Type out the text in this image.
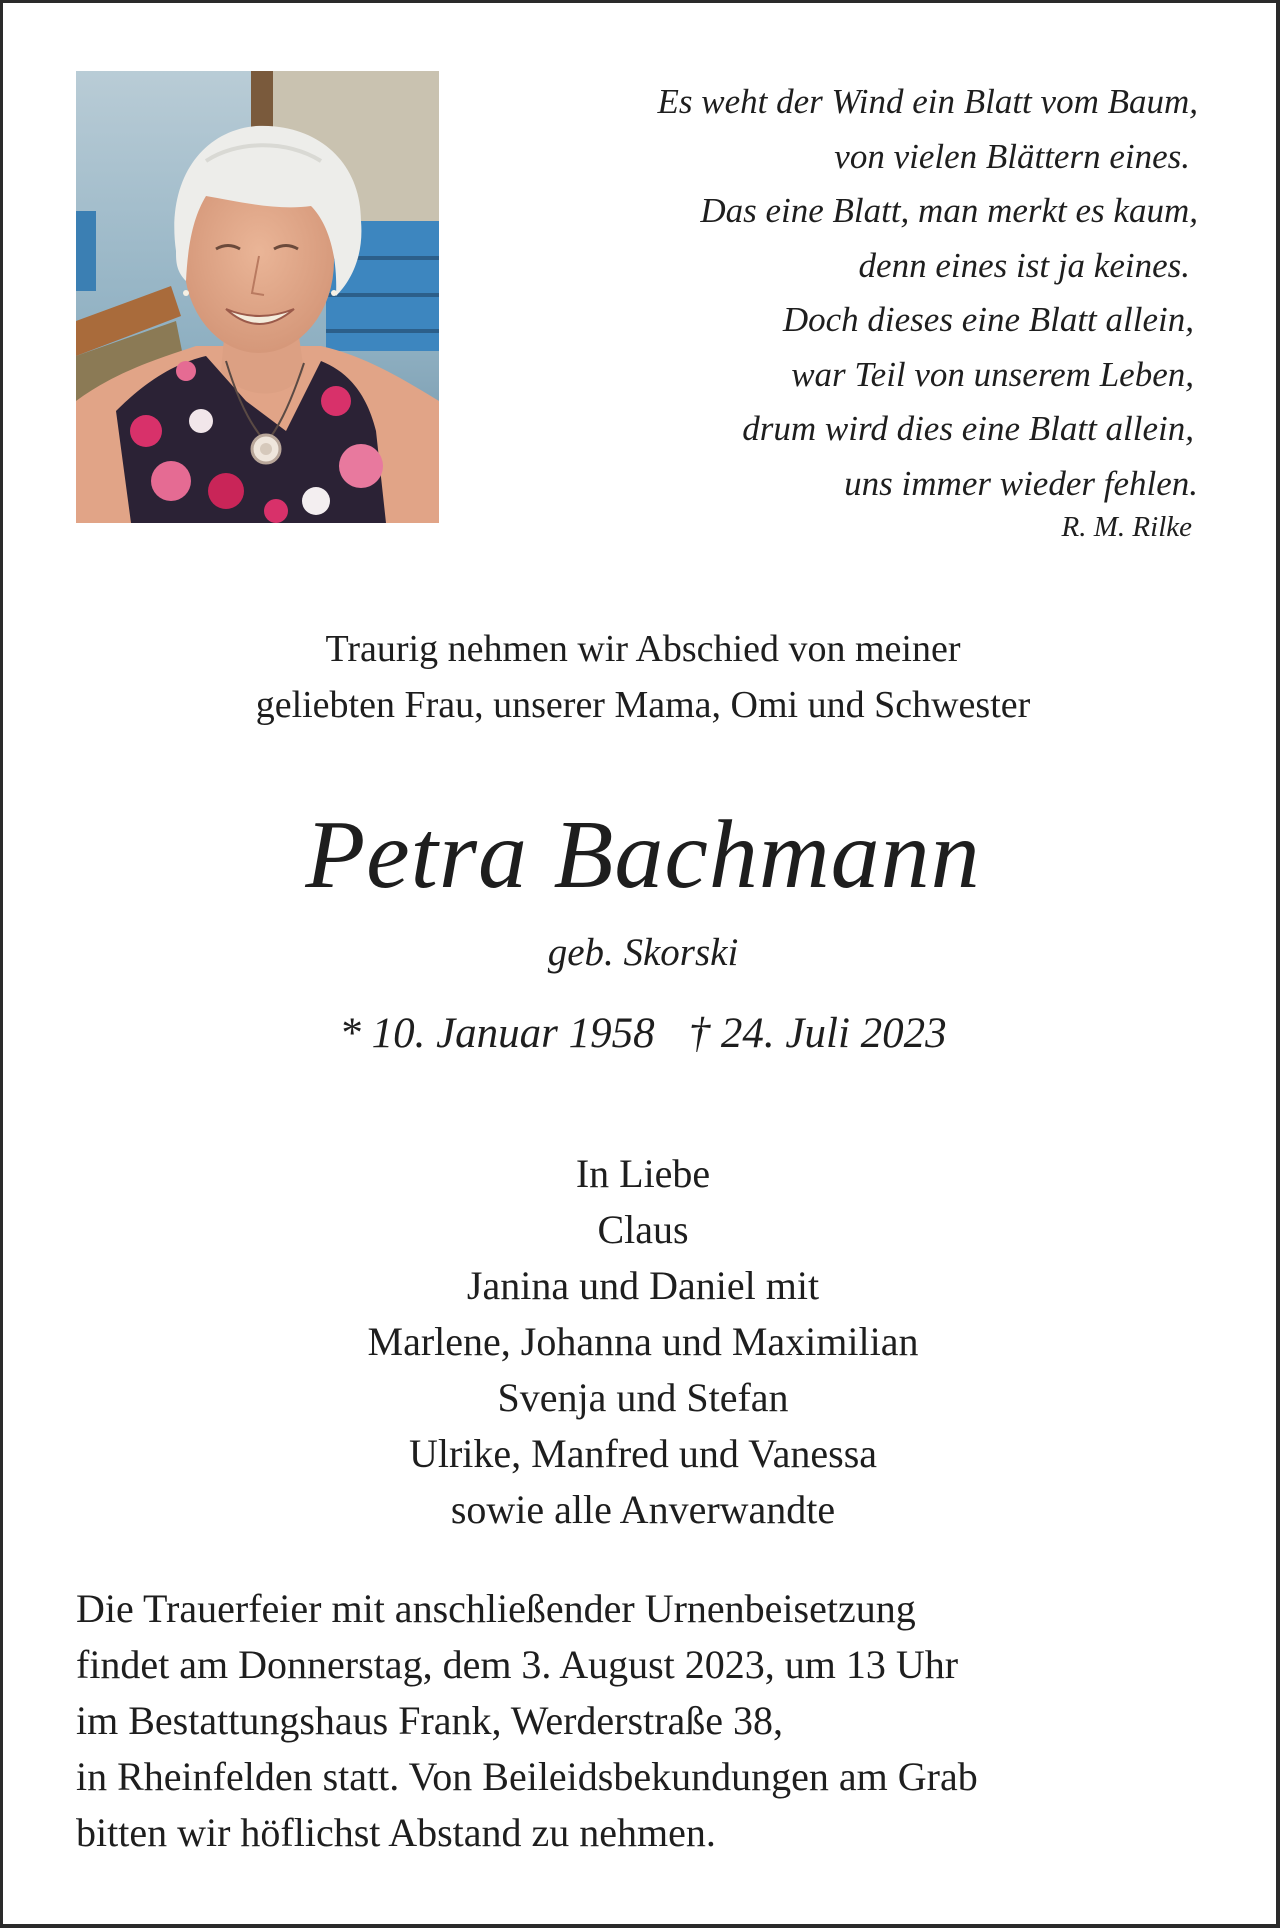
Es weht der Wind ein Blatt vom Baum,
von vielen Blättern eines.
Das eine Blatt, man merkt es kaum,
denn eines ist ja keines.
Doch dieses eine Blatt allein,
war Teil von unserem Leben,
drum wird dies eine Blatt allein,
uns immer wieder fehlen.
R. M. Rilke
Traurig nehmen wir Abschied von meiner
geliebten Frau, unserer Mama, Omi und Schwester
Petra Bachmann
geb. Skorski
* 10. Januar 1958 † 24. Juli 2023
In Liebe
Claus
Janina und Daniel mit
Marlene, Johanna und Maximilian
Svenja und Stefan
Ulrike, Manfred und Vanessa
sowie alle Anverwandte
Die Trauerfeier mit anschließender Urnenbeisetzung
findet am Donnerstag, dem 3. August 2023, um 13 Uhr
im Bestattungshaus Frank, Werderstraße 38,
in Rheinfelden statt. Von Beileidsbekundungen am Grab
bitten wir höflichst Abstand zu nehmen.
